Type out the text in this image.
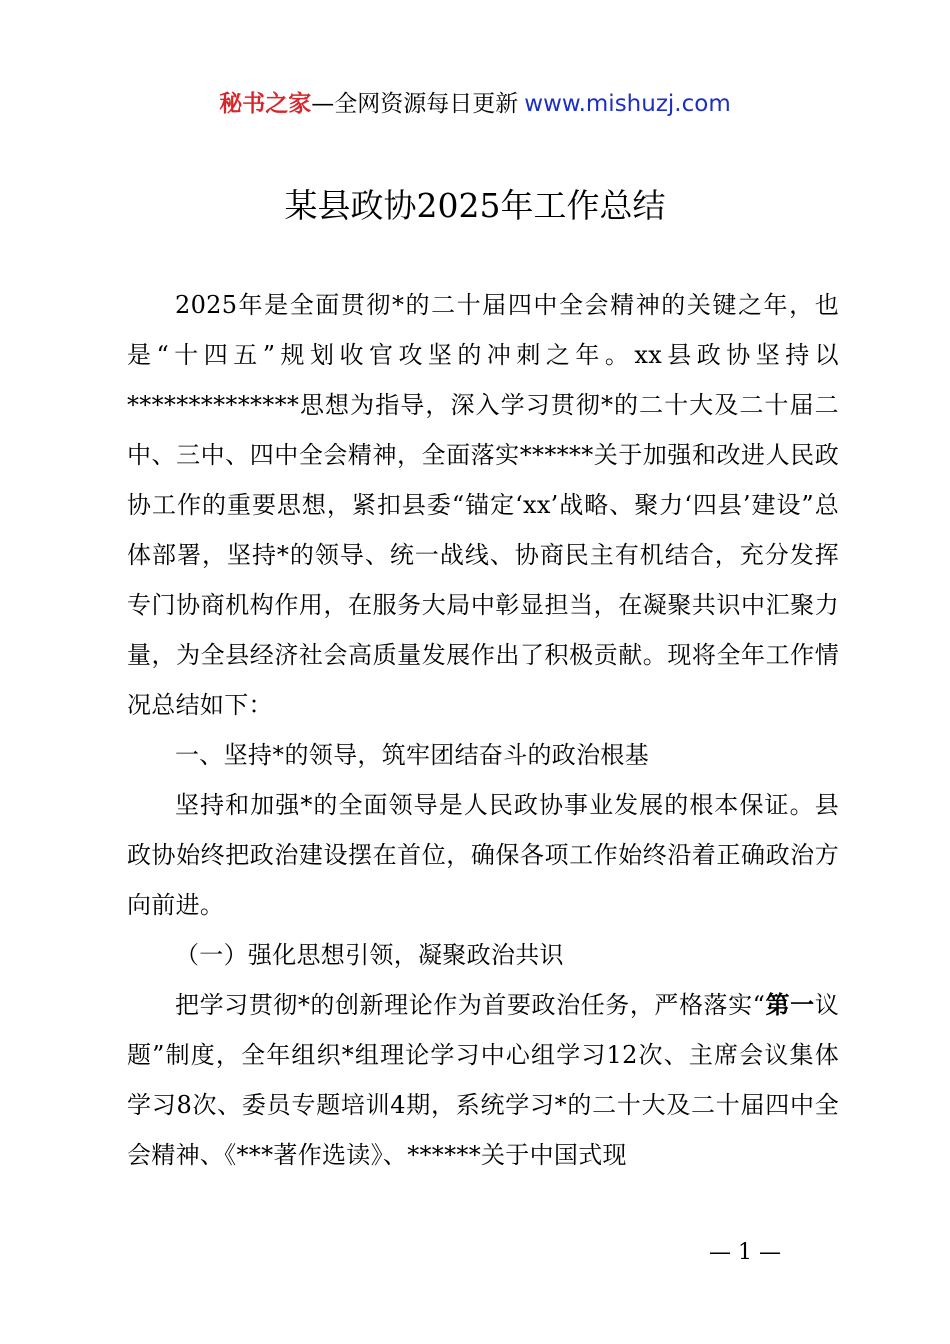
秘书之家—全网资源每日更新 www.mishuzj.com
某县政协2025年工作总结

2025年是全面贯彻*的二十届四中全会精神的关键之年，也是“十四五”规划收官攻坚的冲刺之年。xx县政协坚持以**************思想为指导，深入学习贯彻*的二十大及二十届二中、三中、四中全会精神，全面落实******关于加强和改进人民政协工作的重要思想，紧扣县委“锚定‘xx’战略、聚力‘四县’建设”总体部署，坚持*的领导、统一战线、协商民主有机结合，充分发挥专门协商机构作用，在服务大局中彰显担当，在凝聚共识中汇聚力量，为全县经济社会高质量发展作出了积极贡献。现将全年工作情况总结如下：

一、坚持*的领导，筑牢团结奋斗的政治根基

坚持和加强*的全面领导是人民政协事业发展的根本保证。县政协始终把政治建设摆在首位，确保各项工作始终沿着正确政治方向前进。

（一）强化思想引领，凝聚政治共识

把学习贯彻*的创新理论作为首要政治任务，严格落实“第一议题”制度，全年组织*组理论学习中心组学习12次、主席会议集体学习8次、委员专题培训4期，系统学习*的二十大及二十届四中全会精神、《***著作选读》、******关于中国式现

— 1 —
